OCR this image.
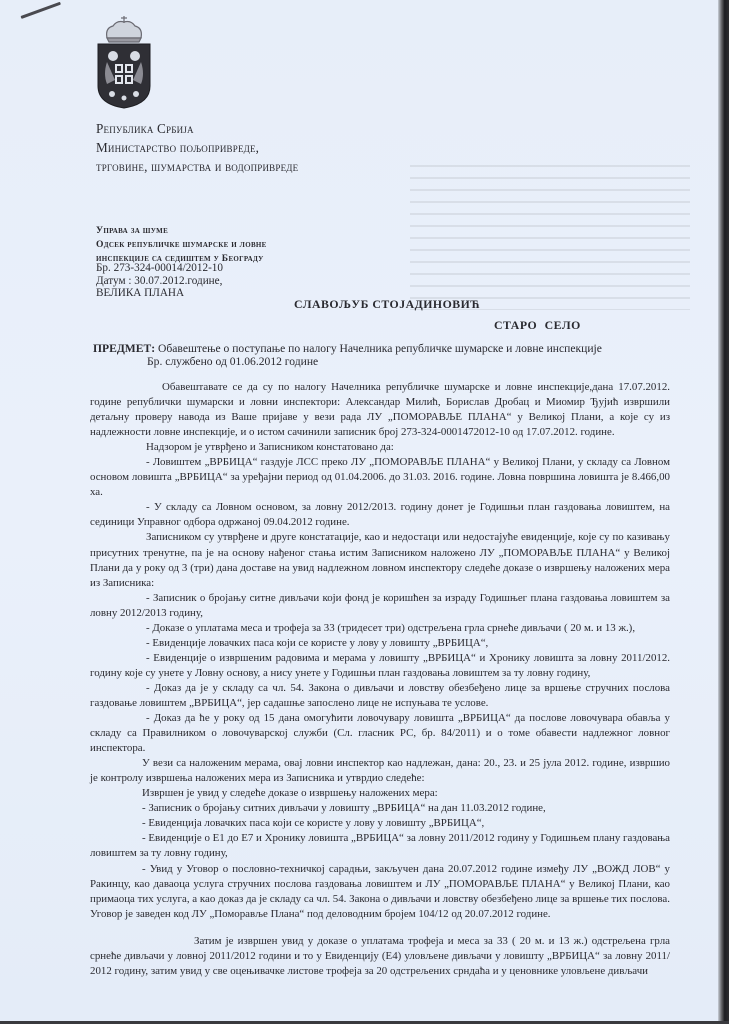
Република Србија
Министарство пољопривреде,
трговине, шумарства и водопривреде
Управа за шуме
Одсек републичке шумарске и ловне
инспекције са седиштем у Београду
Бр. 273-324-00014/2012-10
Датум : 30.07.2012.године,
ВЕЛИКА ПЛАНА
СЛАВОЉУБ СТОЈАДИНОВИЋ
СТАРО СЕЛО
ПРЕДМЕТ: Обавештење о поступање по налогу Начелника републичке шумарске и ловне инспекције
Бр. службено од 01.06.2012 године

Обавештавате се да су по налогу Начелника републичке шумарске и ловне инспекције,дана 17.07.2012. године републички шумарски и ловни инспектори: Александар Милић, Борислав Дробац и Миомир Ђујић извршили детаљну проверу навода из Ваше пријаве у вези рада ЛУ „ПОМОРАВЉЕ ПЛАНА“ у Великој Плани, а које су из надлежности ловне инспекције, и о истом сачинили записник број 273-324-0001472012-10 од 17.07.2012. године.

Надзором је утврђено и Записником констатовано да:

- Ловиштем „ВРБИЦА“ газдује ЛСС преко ЛУ „ПОМОРАВЉЕ ПЛАНА“ у Великој Плани, у складу са Ловном основом ловишта „ВРБИЦА“ за уређајни период од 01.04.2006. до 31.03. 2016. године. Ловна површина ловишта је 8.466,00 ха.

- У складу са Ловном основом, за ловну 2012/2013. годину донет је Годишњи план газдовања ловиштем, на сединици Управног одбора одржаној 09.04.2012 године.

Записником су утврђене и друге констатације, као и недостаци или недостајуће евиденције, које су по казивању присутних тренутне, па је на основу нађеног стања истим Записником наложено ЛУ „ПОМОРАВЉЕ ПЛАНА“ у Великој Плани да у року од 3 (три) дана доставе на увид надлежном ловном инспектору следеће доказе о извршењу наложених мера из Записника:

- Записник о бројању ситне дивљачи који фонд је коришћен за израду Годишњег плана газдовања ловиштем за ловну 2012/2013 годину,

- Доказе о уплатама меса и трофеја за 33 (тридесет три) одстрељена грла срнеће дивљачи ( 20 м. и 13 ж.),

- Евиденције ловачких паса који се користе у лову у ловишту „ВРБИЦА“,

- Евиденције о извршеним радовима и мерама у ловишту „ВРБИЦА“ и Хронику ловишта за ловну 2011/2012. годину које су унете у Ловну основу, а нису унете у Годишњи план газдовања ловиштем за ту ловну годину,

- Доказ да је у складу са чл. 54. Закона о дивљачи и ловству обезбеђено лице за вршење стручних послова газдовање ловиштем „ВРБИЦА“, јер садашње запослено лице не испуњава те услове.

- Доказ да ће у року од 15 дана омогућити ловочувару ловишта „ВРБИЦА“ да послове ловочувара обавља у складу са Правилником о ловочуварској служби (Сл. гласник РС, бр. 84/2011) и о томе обавести надлежног ловног инспектора.

У вези са наложеним мерама, овај ловни инспектор као надлежан, дана: 20., 23. и 25 јула 2012. године, извршио је контролу извршења наложених мера из Записника и утврдио следеће:

Извршен је увид у следеће доказе о извршењу наложених мера:

- Записник о бројању ситних дивљачи у ловишту „ВРБИЦА“ на дан 11.03.2012 године,

- Евиденција ловачких паса који се користе у лову у ловишту „ВРБИЦА“,

- Евиденције о Е1 до Е7 и Хронику ловишта „ВРБИЦА“ за ловну 2011/2012 годину у Годишњем плану газдовања ловиштем за ту ловну годину,

- Увид у Уговор о пословно-техничкој сарадњи, закључен дана 20.07.2012 године између ЛУ „ВОЖД ЛОВ“ у Ракинцу, као даваоца услуга стручних послова газдовања ловиштем и ЛУ „ПОМОРАВЉЕ ПЛАНА“ у Великој Плани, као примаоца тих услуга, а као доказ да је складу са чл. 54. Закона о дивљачи и ловству обезбеђено лице за вршење тих послова. Уговор је заведен код ЛУ „Поморавље Плана“ под деловодним бројем 104/12 од 20.07.2012 године.

Затим је извршен увид у доказе о уплатама трофеја и меса за 33 ( 20 м. и 13 ж.) одстрељена грла срнеће дивљачи у ловној 2011/2012 години и то у Евиденцију (Е4) уловљене дивљачи у ловишту „ВРБИЦА“ за ловну 2011/ 2012 годину, затим увид у све оцењивачке листове трофеја за 20 одстрељених срндаћа и у ценовнике уловљене дивљачи
